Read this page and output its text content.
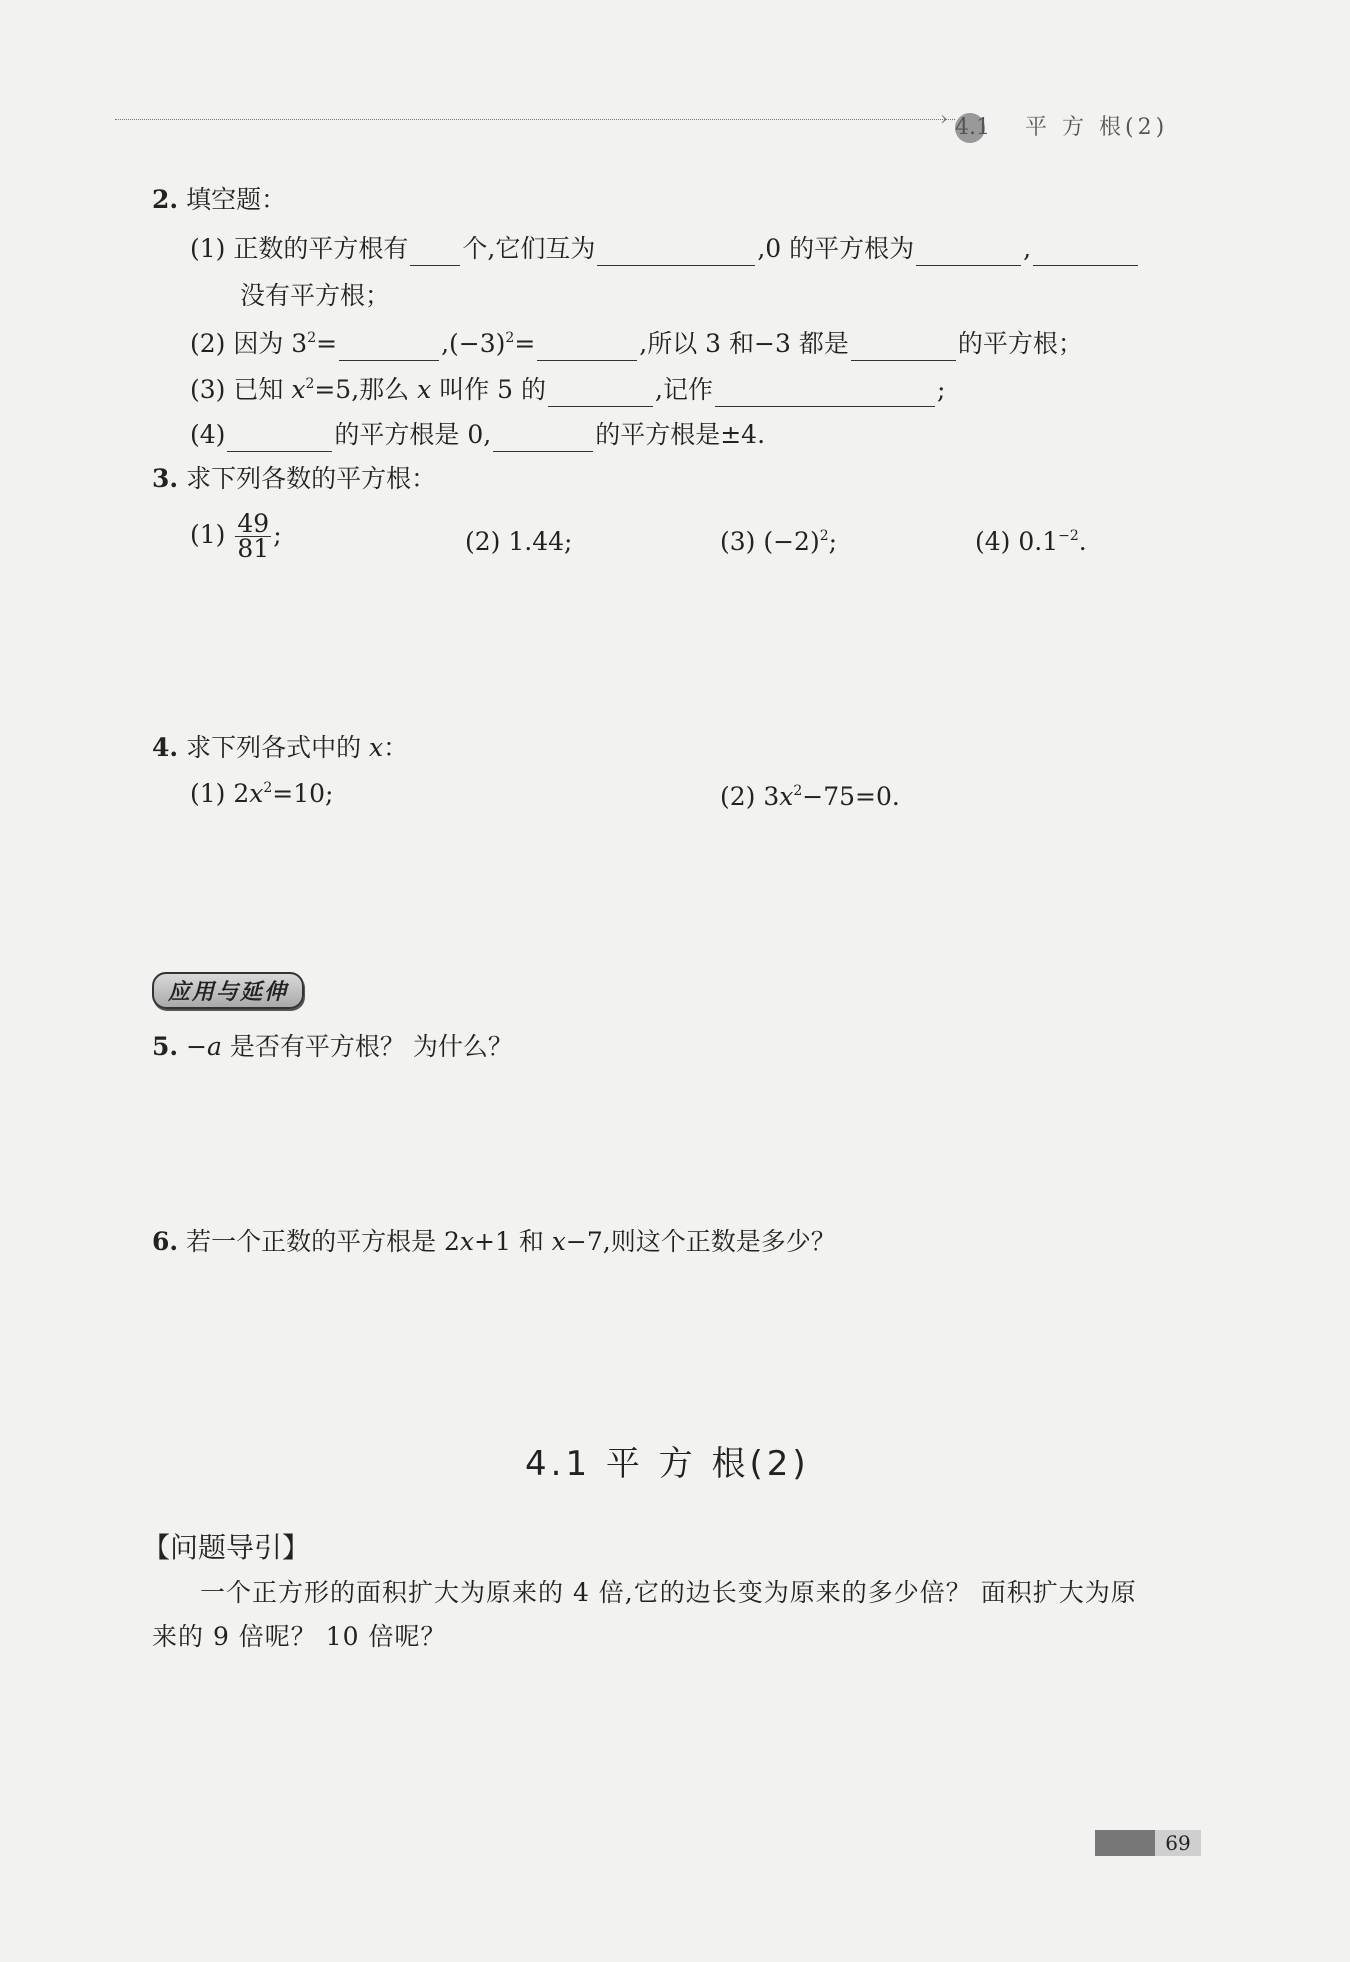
› 4.1 平 方 根(2)
2. 填空题：
(1) 正数的平方根有 个,它们互为	,0 的平方根为	,
没有平方根；
(2) 因为 $3^2=$	$,(-3)^2=$	,所以 3 和−3 都是	的平方根；
(3) 已知 $x^2=5$,那么 x 叫作 5 的	,记作	;
(4)	的平方根是 0,	的平方根是±4.
3. 求下列各数的平方根：
$(1) \frac{49}{81}$ ;	(2) 1.44;	(3) $(-2)^2$;	(4) $0.1^{-2}$.
4. 求下列各式中的 x：
(1) $2x^2=10$;	(2) $3x^2-75=0$.
应用与延伸
5. −a 是否有平方根？ 为什么？
6. 若一个正数的平方根是 2x+1 和 x−7,则这个正数是多少？
4.1 平 方 根(2)
【问题导引】
一个正方形的面积扩大为原来的 4 倍,它的边长变为原来的多少倍？ 面积扩大为原
来的 9 倍呢？ 10 倍呢？
69
